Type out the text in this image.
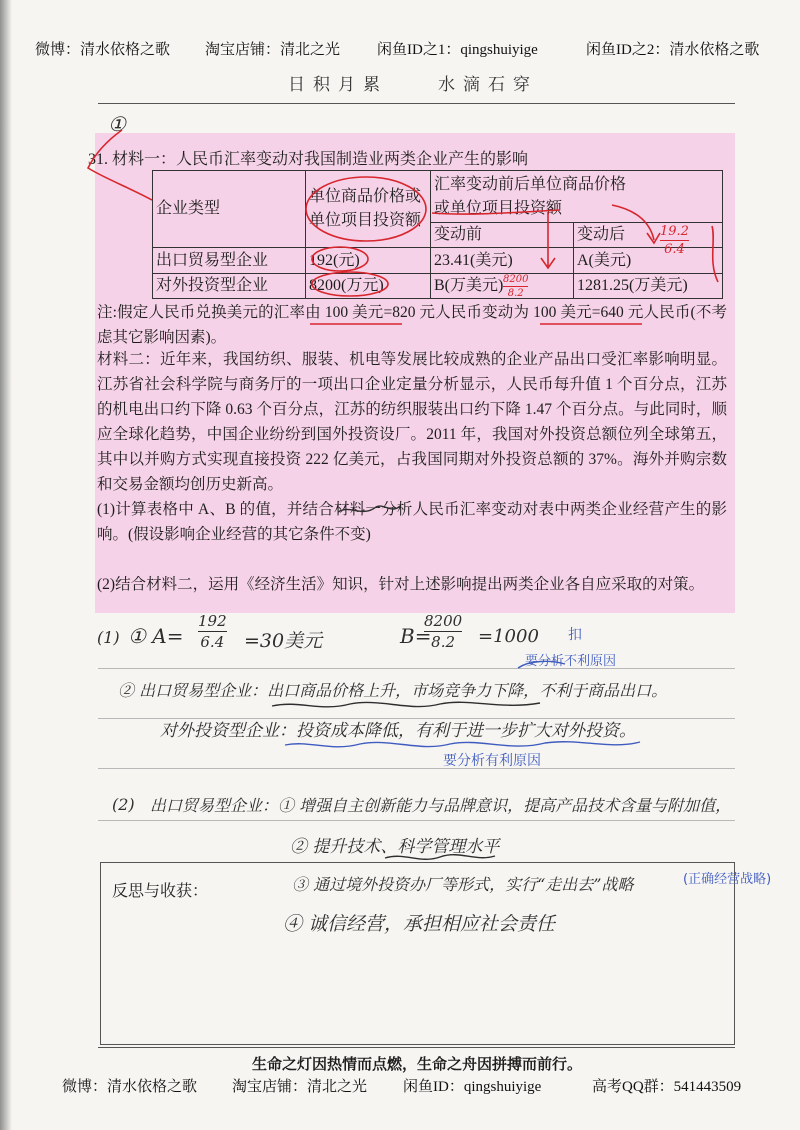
微博：清水依格之歌 淘宝店铺：清北之光 闲鱼ID之1：qingshuiyige	闲鱼ID之2：清水依格之歌
日积月累　　水滴石穿
①
31. 材料一：人民币汇率变动对我国制造业两类企业产生的影响
企业类型	单位商品价格或单位项目投资额	汇率变动前后单位商品价格或单位项目投资额	

		变动前	变动后
出口贸易型企业	192(元)	23.41(美元)	A(美元)
对外投资型企业	8200(万元)	B(万美元)	1281.25(万美元)
注:假定人民币兑换美元的汇率由 100 美元=820 元人民币变动为 100 美元=640 元人民币(不考虑其它影响因素)。
材料二：近年来，我国纺织、服装、机电等发展比较成熟的企业产品出口受汇率影响明显。江苏省社会科学院与商务厅的一项出口企业定量分析显示，人民币每升值 1 个百分点，江苏的机电出口约下降 0.63 个百分点，江苏的纺织服装出口约下降 1.47 个百分点。与此同时，顺应全球化趋势，中国企业纷纷到国外投资设厂。2011 年，我国对外投资总额位列全球第五，其中以并购方式实现直接投资 222 亿美元，占我国同期对外投资总额的 37%。海外并购宗数和交易金额均创历史新高。
(1)计算表格中 A、B 的值，并结合材料一分析人民币汇率变动对表中两类企业经营产生的影响。(假设影响企业经营的其它条件不变)
(2)结合材料二，运用《经济生活》知识，针对上述影响提出两类企业各自应采取的对策。
19.2
6.4
8200
8.2
(1) ① A=
192
6.4 =30美元	B=
8200
8.2 =1000 扣
要分析不利原因
② 出口贸易型企业：出口商品价格上升，市场竞争力下降，不利于商品出口。
对外投资型企业：投资成本降低，有利于进一步扩大对外投资。
要分析有利原因
(2) 出口贸易型企业：① 增强自主创新能力与品牌意识，提高产品技术含量与附加值，
② 提升技术、科学管理水平
反思与收获：	③ 通过境外投资办厂等形式，实行“走出去”战略	(正确经营战略)
④ 诚信经营，承担相应社会责任
生命之灯因热情而点燃，生命之舟因拼搏而前行。
微博：清水依格之歌 淘宝店铺：清北之光 闲鱼ID：qingshuiyige	高考QQ群：541443509
